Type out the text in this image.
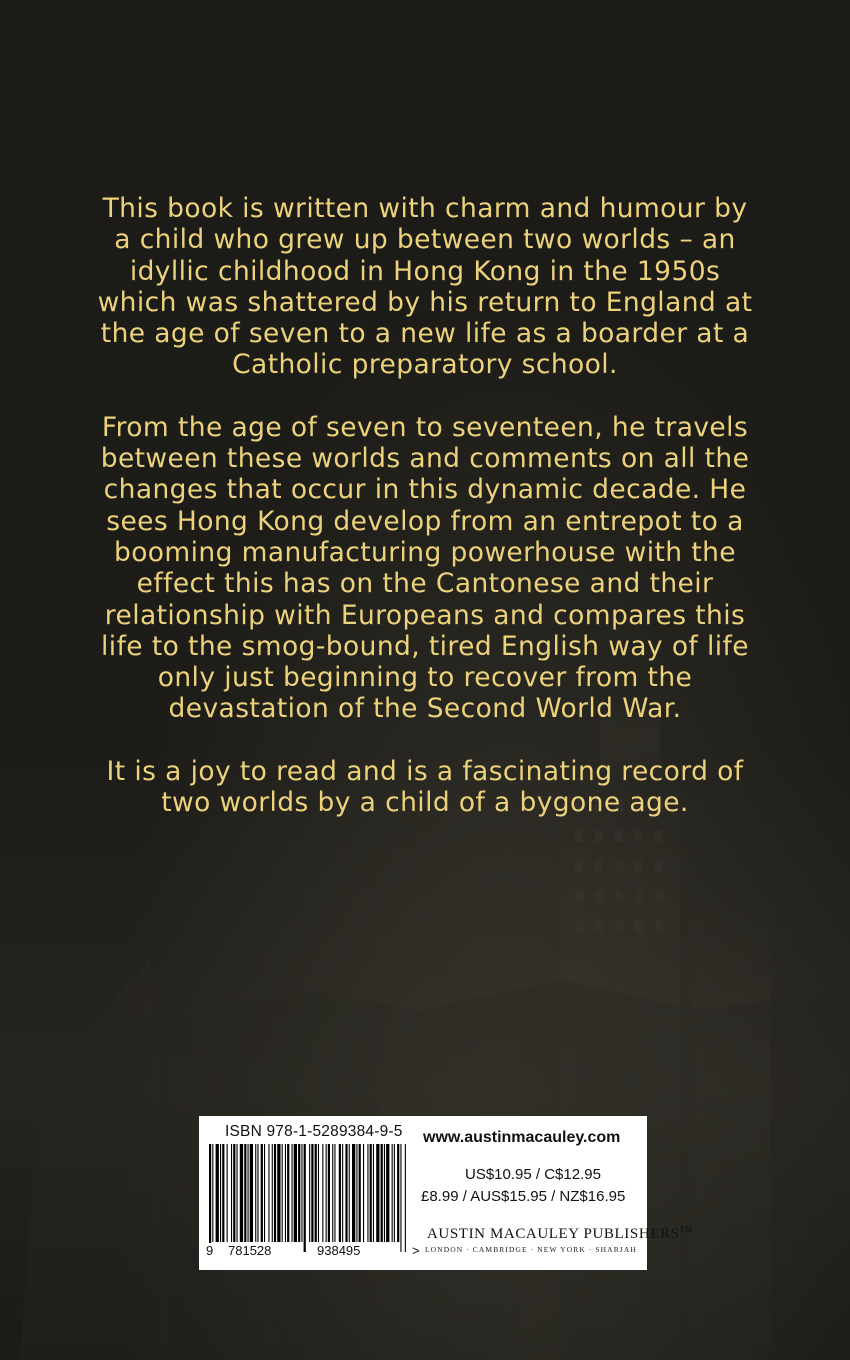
This book is written with charm and humour by a child who grew up between two worlds – an idyllic childhood in Hong Kong in the 1950s which was shattered by his return to England at the age of seven to a new life as a boarder at a Catholic preparatory school.

From the age of seven to seventeen, he travels between these worlds and comments on all the changes that occur in this dynamic decade. He sees Hong Kong develop from an entrepot to a booming manufacturing powerhouse with the effect this has on the Cantonese and their relationship with Europeans and compares this life to the smog-bound, tired English way of life only just beginning to recover from the devastation of the Second World War.

It is a joy to read and is a fascinating record of two worlds by a child of a bygone age.

ISBN 978-1-5289384-9-5
9 781528	938495	>
www.austinmacauley.com
US$10.95 / C$12.95
£8.99 / AUS$15.95 / NZ$16.95
AUSTIN MACAULEY PUBLISHERS™
LONDON · CAMBRIDGE · NEW YORK · SHARJAH
